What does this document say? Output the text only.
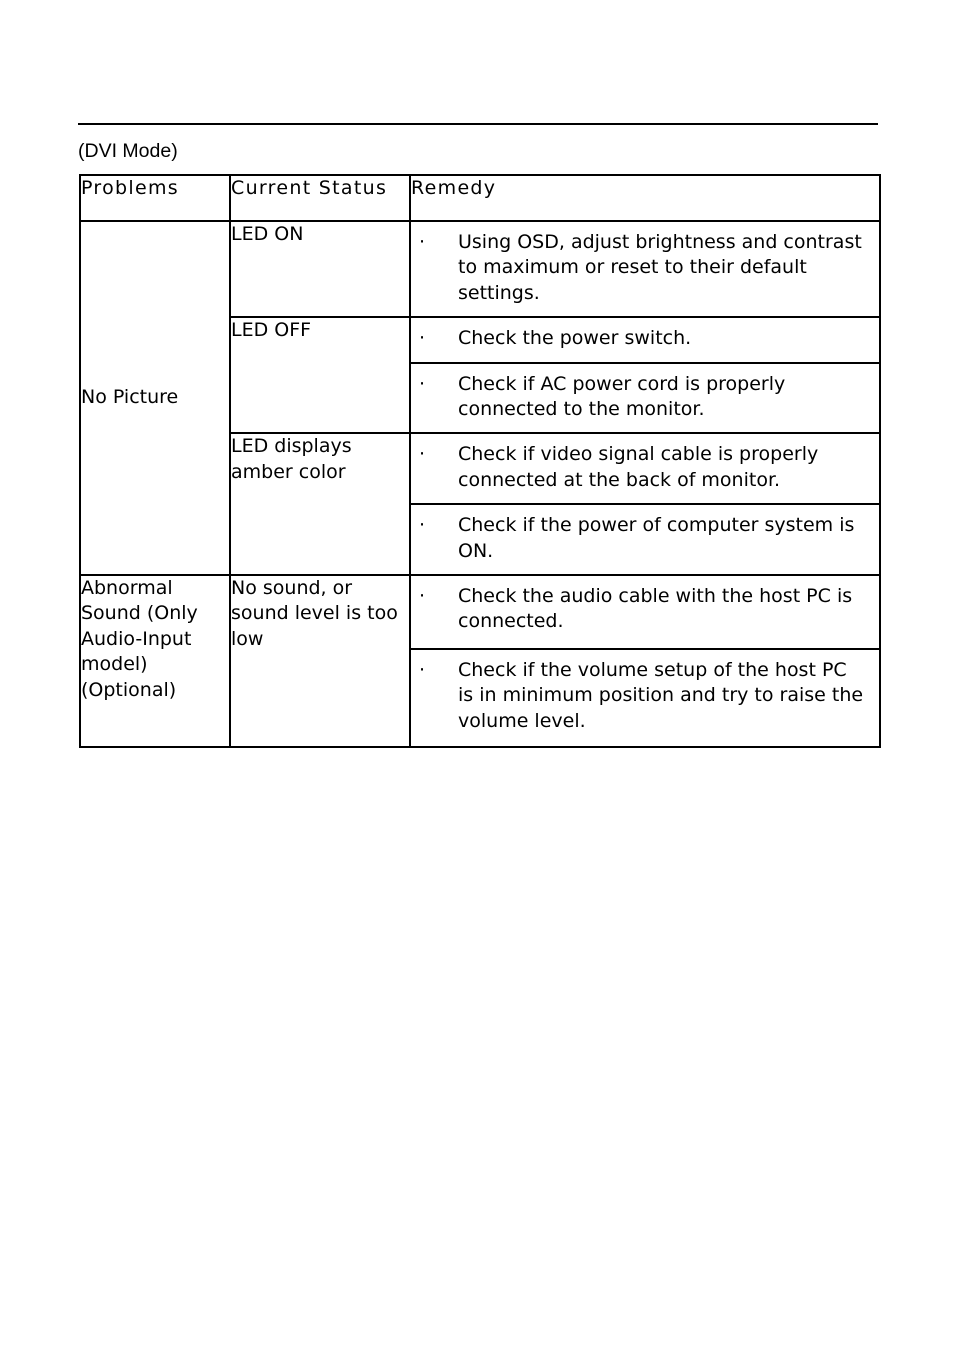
(DVI Mode)
Problems	Current Status	Remedy
No Picture	LED ON	· Using OSD, adjust brightness and contrast to maximum or reset to their default settings.

	LED OFF	· Check the power switch.

		· Check if AC power cord is properly connected to the monitor.

	LED displays amber color	· Check if video signal cable is properly connected at the back of monitor.

		· Check if the power of computer system is ON.

Abnormal Sound (Only Audio-Input model) (Optional)	No sound, or sound level is too low	· Check the audio cable with the host PC is connected.

		· Check if the volume setup of the host PC is in minimum position and try to raise the volume level.
